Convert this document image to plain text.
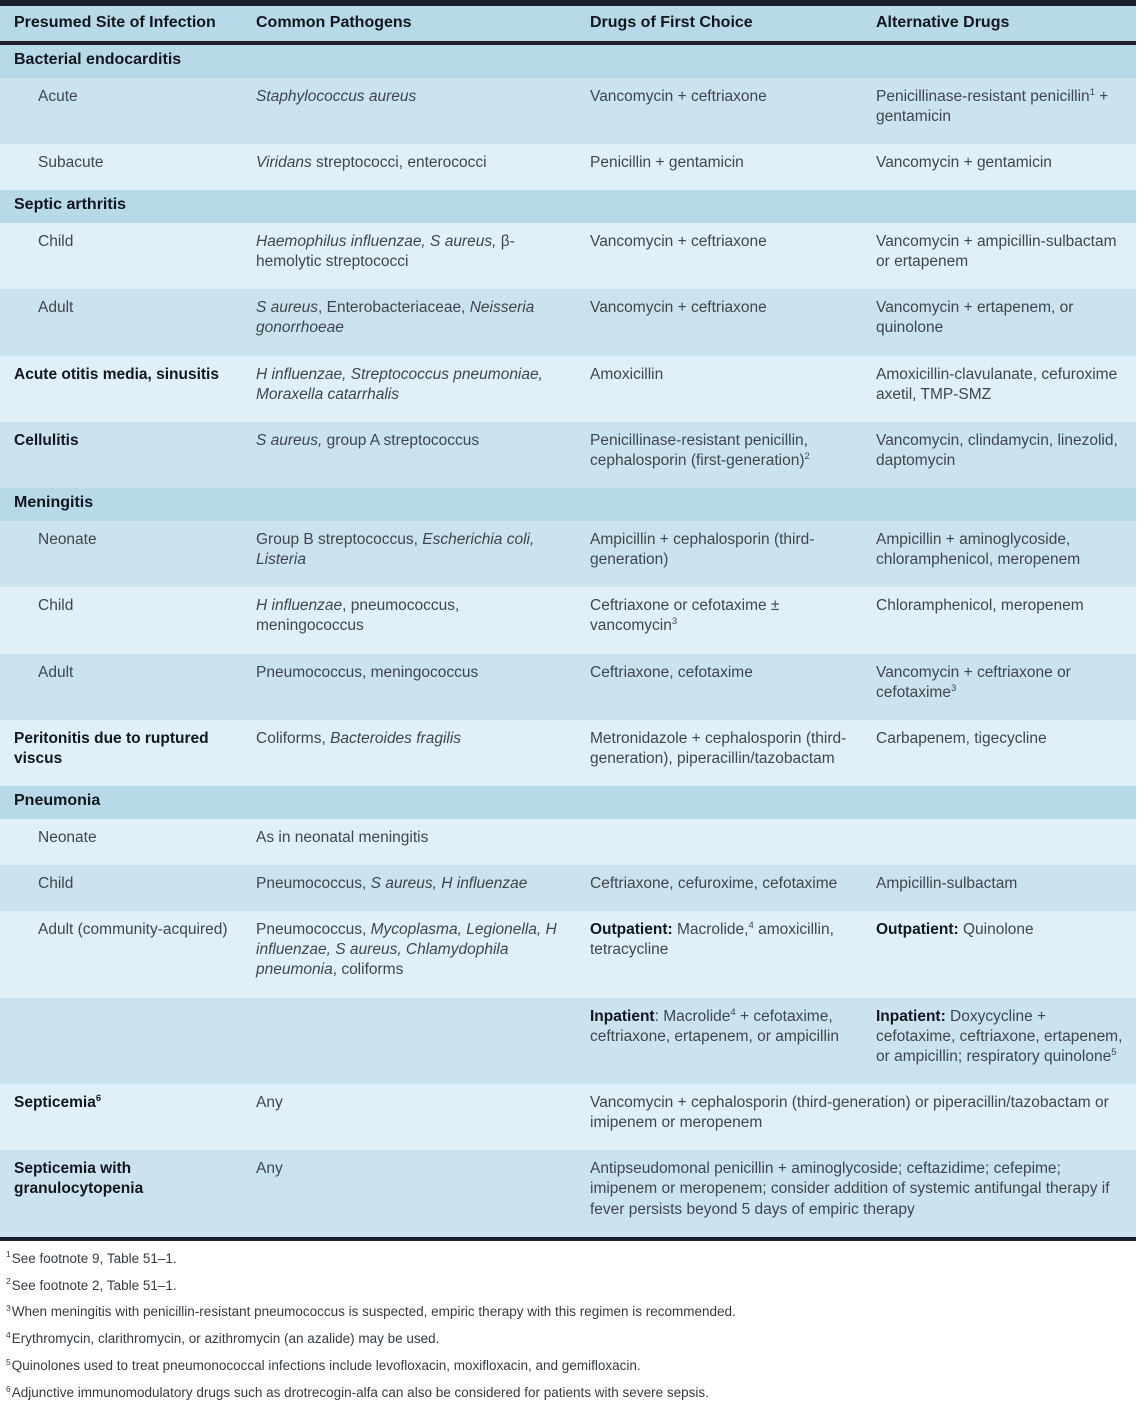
Presumed Site of Infection	Common Pathogens	Drugs of First Choice	Alternative Drugs
Bacterial endocarditis			
Acute	Staphylococcus aureus	Vancomycin + ceftriaxone	Penicillinase-resistant penicillin$^1$ + gentamicin
Subacute	Viridans streptococci, enterococci	Penicillin + gentamicin	Vancomycin + gentamicin
Septic arthritis			
Child	Haemophilus influenzae, S aureus, β-hemolytic streptococci	Vancomycin + ceftriaxone	Vancomycin + ampicillin-sulbactam or ertapenem
Adult	S aureus, Enterobacteriaceae, Neisseria gonorrhoeae	Vancomycin + ceftriaxone	Vancomycin + ertapenem, or quinolone
Acute otitis media, sinusitis	H influenzae, Streptococcus pneumoniae, Moraxella catarrhalis	Amoxicillin	Amoxicillin-clavulanate, cefuroxime axetil, TMP-SMZ
Cellulitis	S aureus, group A streptococcus	Penicillinase-resistant penicillin, cephalosporin (first-generation)$^2$	Vancomycin, clindamycin, linezolid, daptomycin
Meningitis			
Neonate	Group B streptococcus, Escherichia coli, Listeria	Ampicillin + cephalosporin (third- generation)	Ampicillin + aminoglycoside, chloramphenicol, meropenem
Child	H influenzae, pneumococcus, meningococcus	Ceftriaxone or cefotaxime ± vancomycin$^3$	Chloramphenicol, meropenem
Adult	Pneumococcus, meningococcus	Ceftriaxone, cefotaxime	Vancomycin + ceftriaxone or cefotaxime$^3$
Peritonitis due to ruptured viscus	Coliforms, Bacteroides fragilis	Metronidazole + cephalosporin (third-generation), piperacillin/tazobactam	Carbapenem, tigecycline
Pneumonia			
Neonate	As in neonatal meningitis		
Child	Pneumococcus, S aureus, H influenzae	Ceftriaxone, cefuroxime, cefotaxime	Ampicillin-sulbactam
Adult (community-acquired)	Pneumococcus, Mycoplasma, Legionella, H influenzae, S aureus, Chlamydophila pneumonia, coliforms	Outpatient: Macrolide,$^4$ amoxicillin, tetracycline	Outpatient: Quinolone
		Inpatient: Macrolide$^4$ + cefotaxime, ceftriaxone, ertapenem, or ampicillin	Inpatient: Doxycycline + cefotaxime, ceftriaxone, ertapenem, or ampicillin; respiratory quinolone$^5$
Septicemia$^6$	Any	Vancomycin + cephalosporin (third-generation) or piperacillin/tazobactam or imipenem or meropenem	
Septicemia with granulocytopenia	Any	Antipseudomonal penicillin + aminoglycoside; ceftazidime; cefepime; imipenem or meropenem; consider addition of systemic antifungal therapy if fever persists beyond 5 days of empiric therapy	

$^1$See footnote 9, Table 51–1.

$^2$See footnote 2, Table 51–1.

$^3$When meningitis with penicillin-resistant pneumococcus is suspected, empiric therapy with this regimen is recommended.

$^4$Erythromycin, clarithromycin, or azithromycin (an azalide) may be used.

$^5$Quinolones used to treat pneumonococcal infections include levofloxacin, moxifloxacin, and gemifloxacin.

$^6$Adjunctive immunomodulatory drugs such as drotrecogin-alfa can also be considered for patients with severe sepsis.
